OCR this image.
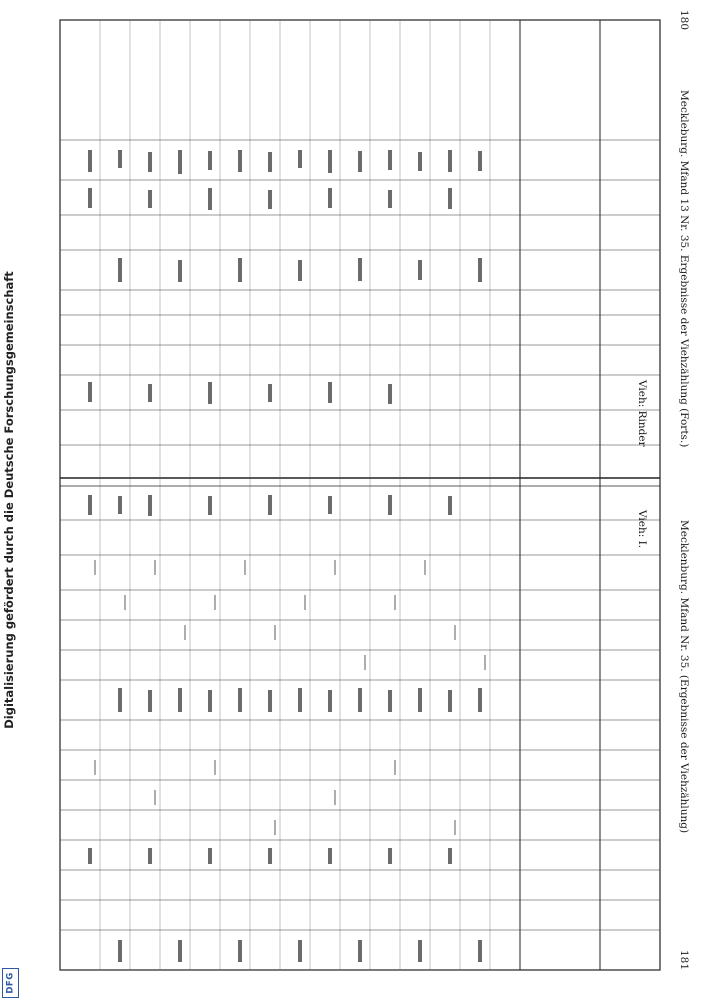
180
Meckleburg. Mfand 13 Nr. 35. Ergebnisse der Viehzählung (Forts.)
Vieh: Rinder
Vieh: I.	Mecklenburg. Mfand Nr. 35. (Ergebnisse der Viehzählung)
181
Digitalisierung gefördert durch die Deutsche Forschungsgemeinschaft
DFG
